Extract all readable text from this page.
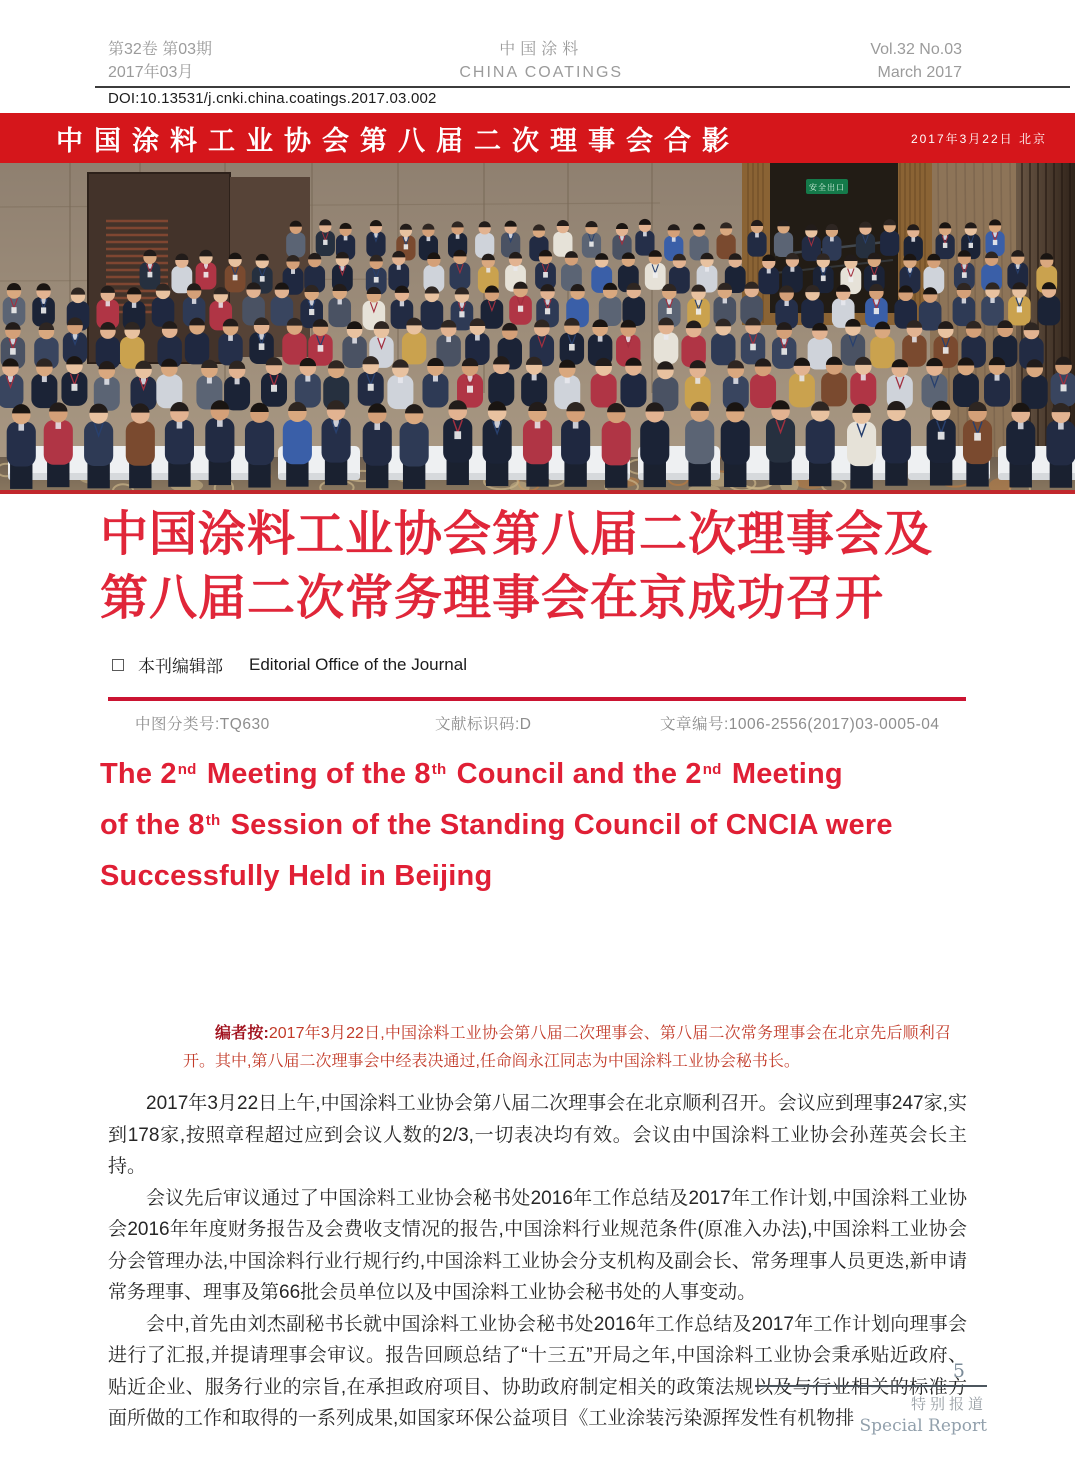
第32卷 第03期
2017年03月
中国涂料
CHINA COATINGS
Vol.32 No.03
March 2017
DOI:10.13531/j.cnki.china.coatings.2017.03.002
中国涂料工业协会第八届二次理事会合影	2017年3月22日 北京
安全出口
中国涂料工业协会第八届二次理事会及
第八届二次常务理事会在京成功召开
本刊编辑部 Editorial Office of the Journal
中图分类号:TQ630	文献标识码:D	文章编号:1006-2556(2017)03-0005-04
The 2nd Meeting of the 8th Council and the 2nd Meeting
of the 8th Session of the Standing Council of CNCIA were
Successfully Held in Beijing
编者按:2017年3月22日,中国涂料工业协会第八届二次理事会、第八届二次常务理事会在北京先后顺利召开。其中,第八届二次理事会中经表决通过,任命阎永江同志为中国涂料工业协会秘书长。

2017年3月22日上午,中国涂料工业协会第八届二次理事会在北京顺利召开。会议应到理事247家,实到178家,按照章程超过应到会议人数的2/3,一切表决均有效。会议由中国涂料工业协会孙莲英会长主持。

会议先后审议通过了中国涂料工业协会秘书处2016年工作总结及2017年工作计划,中国涂料工业协会2016年年度财务报告及会费收支情况的报告,中国涂料行业规范条件(原准入办法),中国涂料工业协会分会管理办法,中国涂料行业行规行约,中国涂料工业协会分支机构及副会长、常务理事人员更迭,新申请常务理事、理事及第66批会员单位以及中国涂料工业协会秘书处的人事变动。

会中,首先由刘杰副秘书长就中国涂料工业协会秘书处2016年工作总结及2017年工作计划向理事会进行了汇报,并提请理事会审议。报告回顾总结了“十三五”开局之年,中国涂料工业协会秉承贴近政府、贴近企业、服务行业的宗旨,在承担政府项目、协助政府制定相关的政策法规以及与行业相关的标准方面所做的工作和取得的一系列成果,如国家环保公益项目《工业涂装污染源挥发性有机物排

5
特别报道
Special Report
